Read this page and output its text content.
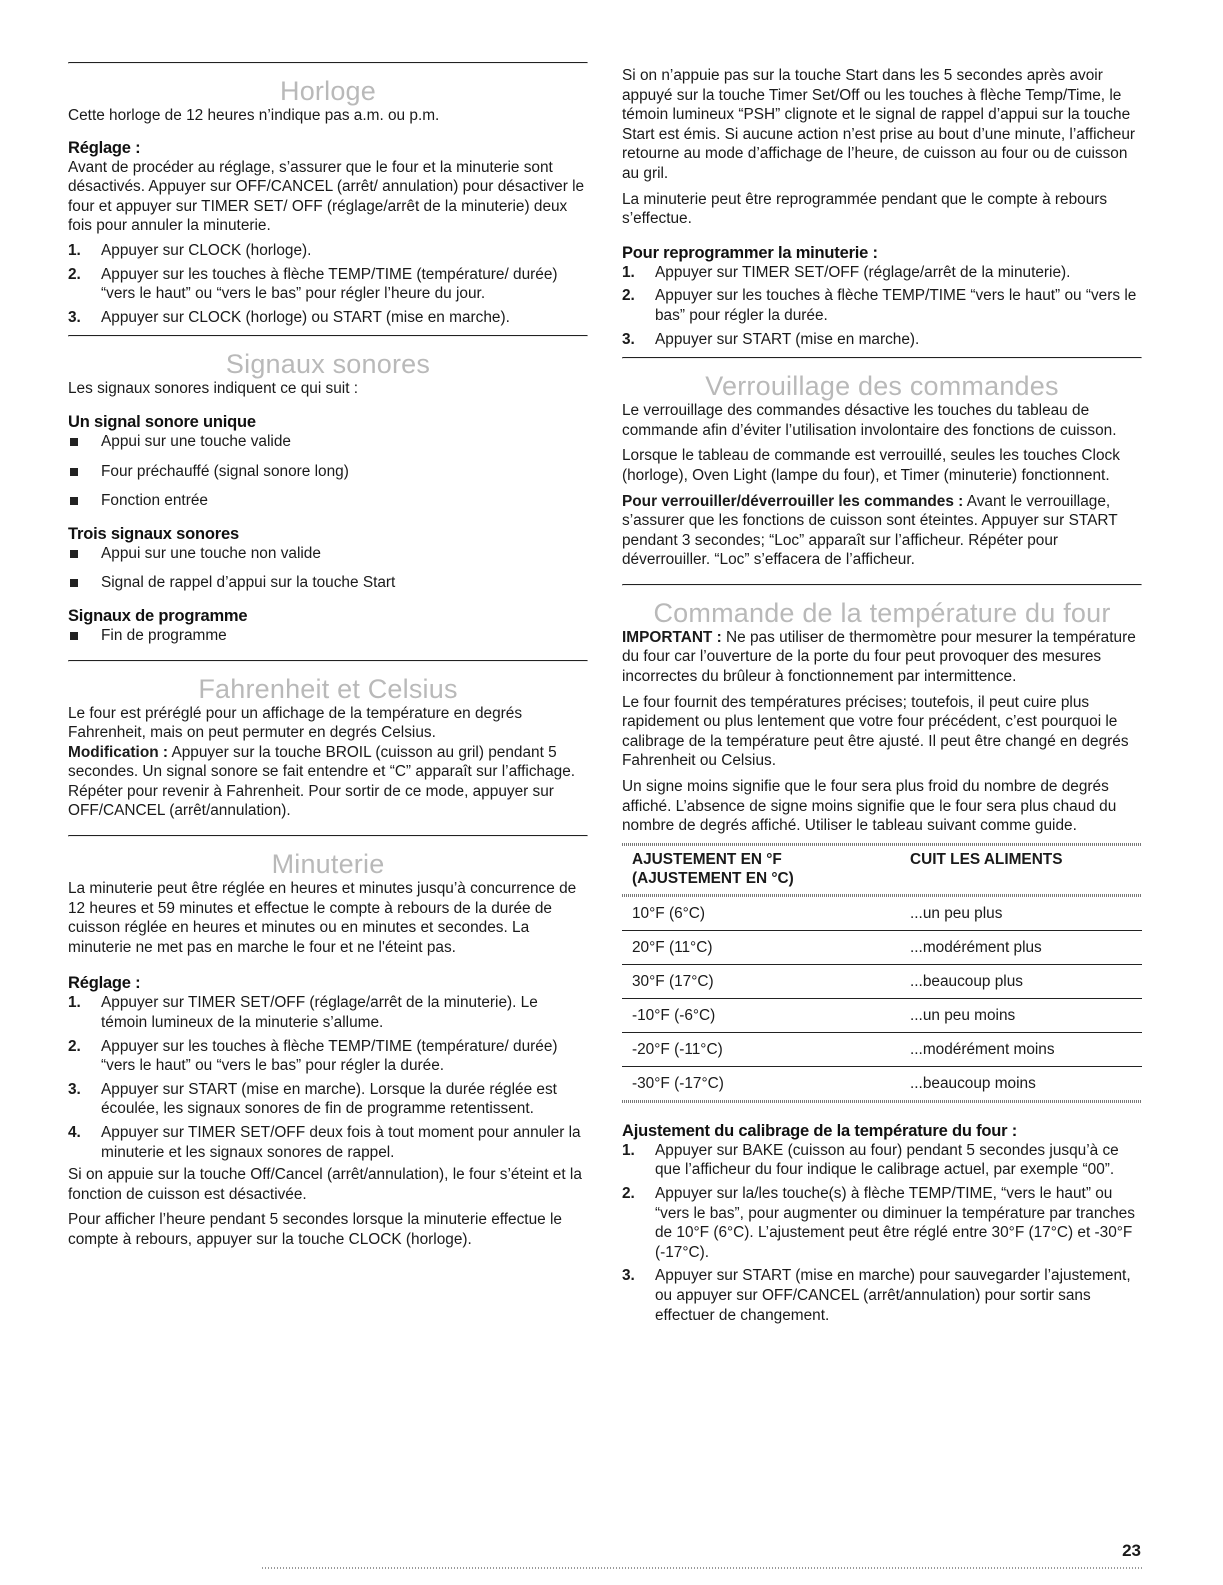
Horloge

Cette horloge de 12 heures n’indique pas a.m. ou p.m.

Réglage :

Avant de procéder au réglage, s’assurer que le four et la minuterie sont désactivés. Appuyer sur OFF/CANCEL (arrêt/ annulation) pour désactiver le four et appuyer sur TIMER SET/ OFF (réglage/arrêt de la minuterie) deux fois pour annuler la minuterie.

1. Appuyer sur CLOCK (horloge).
2. Appuyer sur les touches à flèche TEMP/TIME (température/ durée) “vers le haut” ou “vers le bas” pour régler l’heure du jour.
3. Appuyer sur CLOCK (horloge) ou START (mise en marche).
Signaux sonores

Les signaux sonores indiquent ce qui suit :

Un signal sonore unique
Appui sur une touche valide
Four préchauffé (signal sonore long)
Fonction entrée
Trois signaux sonores
Appui sur une touche non valide
Signal de rappel d’appui sur la touche Start
Signaux de programme
Fin de programme
Fahrenheit et Celsius

Le four est préréglé pour un affichage de la température en degrés Fahrenheit, mais on peut permuter en degrés Celsius.

Modification : Appuyer sur la touche BROIL (cuisson au gril) pendant 5 secondes. Un signal sonore se fait entendre et “C” apparaît sur l’affichage. Répéter pour revenir à Fahrenheit. Pour sortir de ce mode, appuyer sur OFF/CANCEL (arrêt/annulation).

Minuterie

La minuterie peut être réglée en heures et minutes jusqu’à concurrence de 12 heures et 59 minutes et effectue le compte à rebours de la durée de cuisson réglée en heures et minutes ou en minutes et secondes. La minuterie ne met pas en marche le four et ne l'éteint pas.

Réglage :
1. Appuyer sur TIMER SET/OFF (réglage/arrêt de la minuterie). Le témoin lumineux de la minuterie s’allume.
2. Appuyer sur les touches à flèche TEMP/TIME (température/ durée) “vers le haut” ou “vers le bas” pour régler la durée.
3. Appuyer sur START (mise en marche). Lorsque la durée réglée est écoulée, les signaux sonores de fin de programme retentissent.
4. Appuyer sur TIMER SET/OFF deux fois à tout moment pour annuler la minuterie et les signaux sonores de rappel.

Si on appuie sur la touche Off/Cancel (arrêt/annulation), le four s’éteint et la fonction de cuisson est désactivée.

Pour afficher l’heure pendant 5 secondes lorsque la minuterie effectue le compte à rebours, appuyer sur la touche CLOCK (horloge).

Si on n’appuie pas sur la touche Start dans les 5 secondes après avoir appuyé sur la touche Timer Set/Off ou les touches à flèche Temp/Time, le témoin lumineux “PSH” clignote et le signal de rappel d’appui sur la touche Start est émis. Si aucune action n’est prise au bout d’une minute, l’afficheur retourne au mode d’affichage de l’heure, de cuisson au four ou de cuisson au gril.

La minuterie peut être reprogrammée pendant que le compte à rebours s’effectue.

Pour reprogrammer la minuterie :
1. Appuyer sur TIMER SET/OFF (réglage/arrêt de la minuterie).
2. Appuyer sur les touches à flèche TEMP/TIME “vers le haut” ou “vers le bas” pour régler la durée.
3. Appuyer sur START (mise en marche).
Verrouillage des commandes

Le verrouillage des commandes désactive les touches du tableau de commande afin d’éviter l’utilisation involontaire des fonctions de cuisson.

Lorsque le tableau de commande est verrouillé, seules les touches Clock (horloge), Oven Light (lampe du four), et Timer (minuterie) fonctionnent.

Pour verrouiller/déverrouiller les commandes : Avant le verrouillage, s’assurer que les fonctions de cuisson sont éteintes. Appuyer sur START pendant 3 secondes; “Loc” apparaît sur l’afficheur. Répéter pour déverrouiller. “Loc” s’effacera de l’afficheur.

Commande de la température du four

IMPORTANT : Ne pas utiliser de thermomètre pour mesurer la température du four car l’ouverture de la porte du four peut provoquer des mesures incorrectes du brûleur à fonctionnement par intermittence.

Le four fournit des températures précises; toutefois, il peut cuire plus rapidement ou plus lentement que votre four précédent, c’est pourquoi le calibrage de la température peut être ajusté. Il peut être changé en degrés Fahrenheit ou Celsius.

Un signe moins signifie que le four sera plus froid du nombre de degrés affiché. L’absence de signe moins signifie que le four sera plus chaud du nombre de degrés affiché. Utiliser le tableau suivant comme guide.

AJUSTEMENT EN °F
(AJUSTEMENT EN °C)	CUIT LES ALIMENTS
10°F (6°C)	...un peu plus
20°F (11°C)	...modérément plus
30°F (17°C)	...beaucoup plus
-10°F (-6°C)	...un peu moins
-20°F (-11°C)	...modérément moins
-30°F (-17°C)	...beaucoup moins
Ajustement du calibrage de la température du four :
1. Appuyer sur BAKE (cuisson au four) pendant 5 secondes jusqu’à ce que l’afficheur du four indique le calibrage actuel, par exemple “00”.
2. Appuyer sur la/les touche(s) à flèche TEMP/TIME, “vers le haut” ou “vers le bas”, pour augmenter ou diminuer la température par tranches de 10°F (6°C). L’ajustement peut être réglé entre 30°F (17°C) et -30°F (-17°C).
3. Appuyer sur START (mise en marche) pour sauvegarder l’ajustement, ou appuyer sur OFF/CANCEL (arrêt/annulation) pour sortir sans effectuer de changement.
23
